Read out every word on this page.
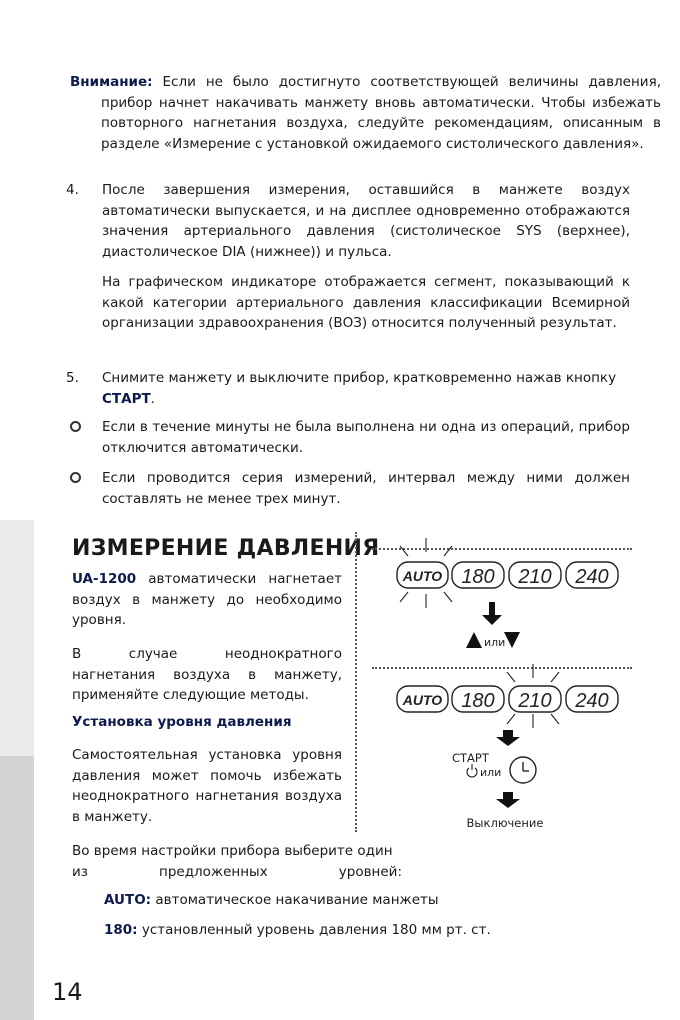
Внимание: Если не было достигнуто соответствующей величины давления, прибор начнет накачивать манжету вновь автоматически. Чтобы избежать повторного нагнетания воздуха, следуйте рекомендациям, описанным в разделе «Измерение с установкой ожидаемого систолического давления».

4. После завершения измерения, оставшийся в манжете воздух автоматически выпускается, и на дисплее одновременно отображаются значения артериального давления (систолическое SYS (верхнее), диастолическое DIA (нижнее)) и пульса.

На графическом индикаторе отображается сегмент, показывающий к какой категории артериального давления классификации Всемирной организации здравоохранения (ВОЗ) относится полученный результат.

5. Снимите манжету и выключите прибор, кратковременно нажав кнопку СТАРТ.

Если в течение минуты не была выполнена ни одна из операций, прибор отключится автоматически.

Если проводится серия измерений, интервал между ними должен составлять не менее трех минут.

ИЗМЕРЕНИЕ ДАВЛЕНИЯ

UA-1200 автоматически нагнетает воздух в манжету до необходимо уровня.

В случае неоднократного нагнетания воздуха в манжету, применяйте следующие методы.

Установка уровня давления

Самостоятельная установка уровня давления может помочь избежать неоднократного нагнетания воздуха в манжету.

Во время настройки прибора выберите один из предложенных уровней:

AUTO: автоматическое накачивание манжеты

180: установленный уровень давления 180 мм рт. ст.

AUTO 180 210 240
или
AUTO 180 210 240
СТАРТ
или
Выключение

14
